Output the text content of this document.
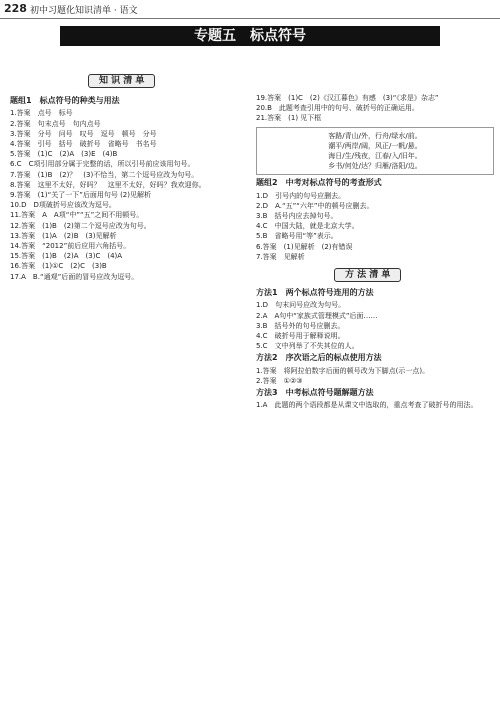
228 初中习题化知识清单 · 语文
专题五　标点符号
知 识 清 单
题组1　标点符号的种类与用法
1.答案　点号　标号
2.答案　句末点号　句内点号
3.答案　分号　问号　叹号　逗号　顿号　分号
4.答案　引号　括号　破折号　省略号　书名号
5.答案　(1)C　(2)A　(3)E　(4)B
6.C　C项引用部分属于完整的话，所以引号前应该用句号。
7.答案　(1)B　(2)？　(3)不恰当，第二个逗号应改为句号。
8.答案　这里不太好，好吗？　这里不太好，好吗？我欢迎你。
9.答案　(1)“关了一下”后面用句号 (2)见解析
10.D　D项破折号应该改为逗号。
11.答案　A　A项“中”“五”之间不用顿号。
12.答案　(1)B　(2)第二个逗号应改为句号。
13.答案　(1)A　(2)B　(3)见解析
14.答案　“2012”前后应用六角括号。
15.答案　(1)B　(2)A　(3)C　(4)A
16.答案　(1)①C　(2)C　(3)B
17.A　B.“通观”后面的冒号应改为逗号。
19.答案　(1)C　(2)《汉江暮色》有感　(3)“《求是》杂志”
20.B　此题考查引用中的句号、破折号的正确运用。
21.答案　(1) 见下框
客路/青山/外，行舟/绿水/前。
潮平/两岸/阔，风正/一帆/悬。
海日/生/残夜，江春/入/旧年。
乡书/何处/达？归雁/洛阳/边。
题组2　中考对标点符号的考查形式
1.D　引号内的句号应删去。
2.D　A.“五”“六年”中的顿号应删去。
3.B　括号内应去掉句号。
4.C　中国大陆，就是北京大学。
5.B　省略号用“等”表示。
6.答案　(1)见解析　(2)有错误
7.答案　见解析
方 法 清 单
方法1　两个标点符号连用的方法
1.D　句末问号应改为句号。
2.A　A句中“家族式管理模式”后面……
3.B　括号外的句号应删去。
4.C　破折号用于解释说明。
5.C　文中列举了不失其位的人。
方法2　序次语之后的标点使用方法
1.答案　将阿拉伯数字后面的顿号改为下脚点(示一点)。
2.答案　①②③
方法3　中考标点符号题解题方法
1.A　此题的两个语段都是从课文中选取的，重点考查了破折号的用法。
